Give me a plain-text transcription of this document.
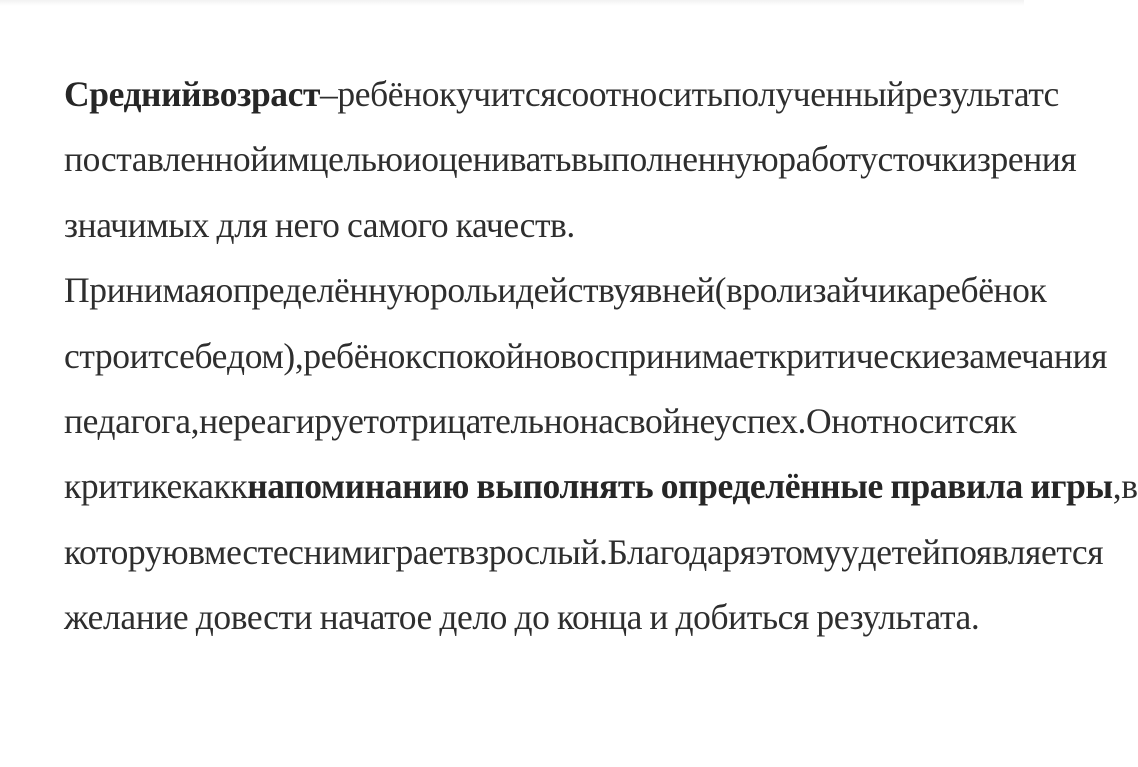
Средний возраст – ребёнок учится соотносить полученный результат с
поставленной им целью и оценивать выполненную работу с точки зрения
значимых для него самого качеств.
Принимая определённую роль и действуя в ней (в роли зайчика ребёнок
строит себе дом), ребёнок спокойно воспринимает критические замечания
педагога, не реагирует отрицательно на свой неуспех. Он относится к
критике как к напоминанию выполнять определённые правила игры, в
которую вместе с ним играет взрослый. Благодаря этому у детей появляется
желание довести начатое дело до конца и добиться результата.
